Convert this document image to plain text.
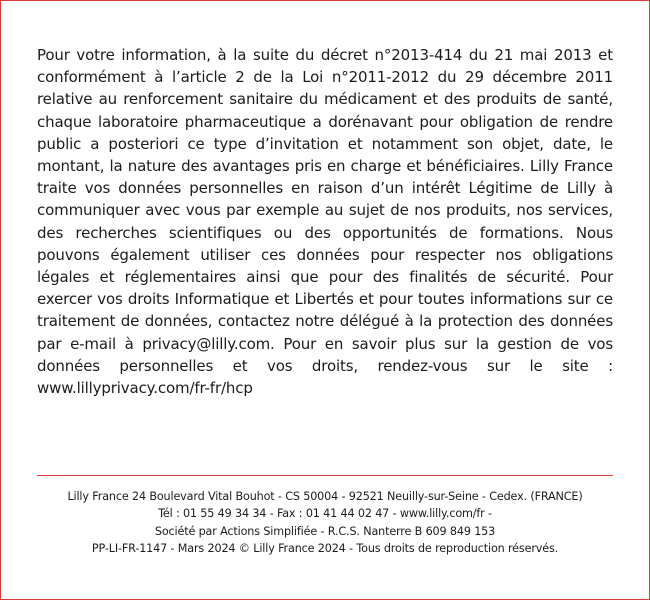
Pour votre information, à la suite du décret n°2013-414 du 21 mai 2013 et conformément à l’article 2 de la Loi n°2011-2012 du 29 décembre 2011 relative au renforcement sanitaire du médicament et des produits de santé, chaque laboratoire pharmaceutique a dorénavant pour obligation de rendre public a posteriori ce type d’invitation et notamment son objet, date, le montant, la nature des avantages pris en charge et bénéficiaires. Lilly France traite vos données personnelles en raison d’un intérêt Légitime de Lilly à communiquer avec vous par exemple au sujet de nos produits, nos services, des recherches scientifiques ou des opportunités de formations. Nous pouvons également utiliser ces données pour respecter nos obligations légales et réglementaires ainsi que pour des finalités de sécurité. Pour exercer vos droits Informatique et Libertés et pour toutes informations sur ce traitement de données, contactez notre délégué à la protection des données par e-mail à privacy@lilly.​com. Pour en savoir plus sur la gestion de vos données personnelles et vos droits, rendez-vous sur le site : www.lillyprivacy.com/fr-fr/hcp

Lilly France 24 Boulevard Vital Bouhot - CS 50004 - 92521 Neuilly-sur-Seine - Cedex. (FRANCE)
Tél : 01 55 49 34 34 - Fax : 01 41 44 02 47 - www.lilly.com/fr -
Société par Actions Simplifiée - R.C.S. Nanterre B 609 849 153
PP-LI-FR-1147 - Mars 2024 © Lilly France 2024 - Tous droits de reproduction réservés.
